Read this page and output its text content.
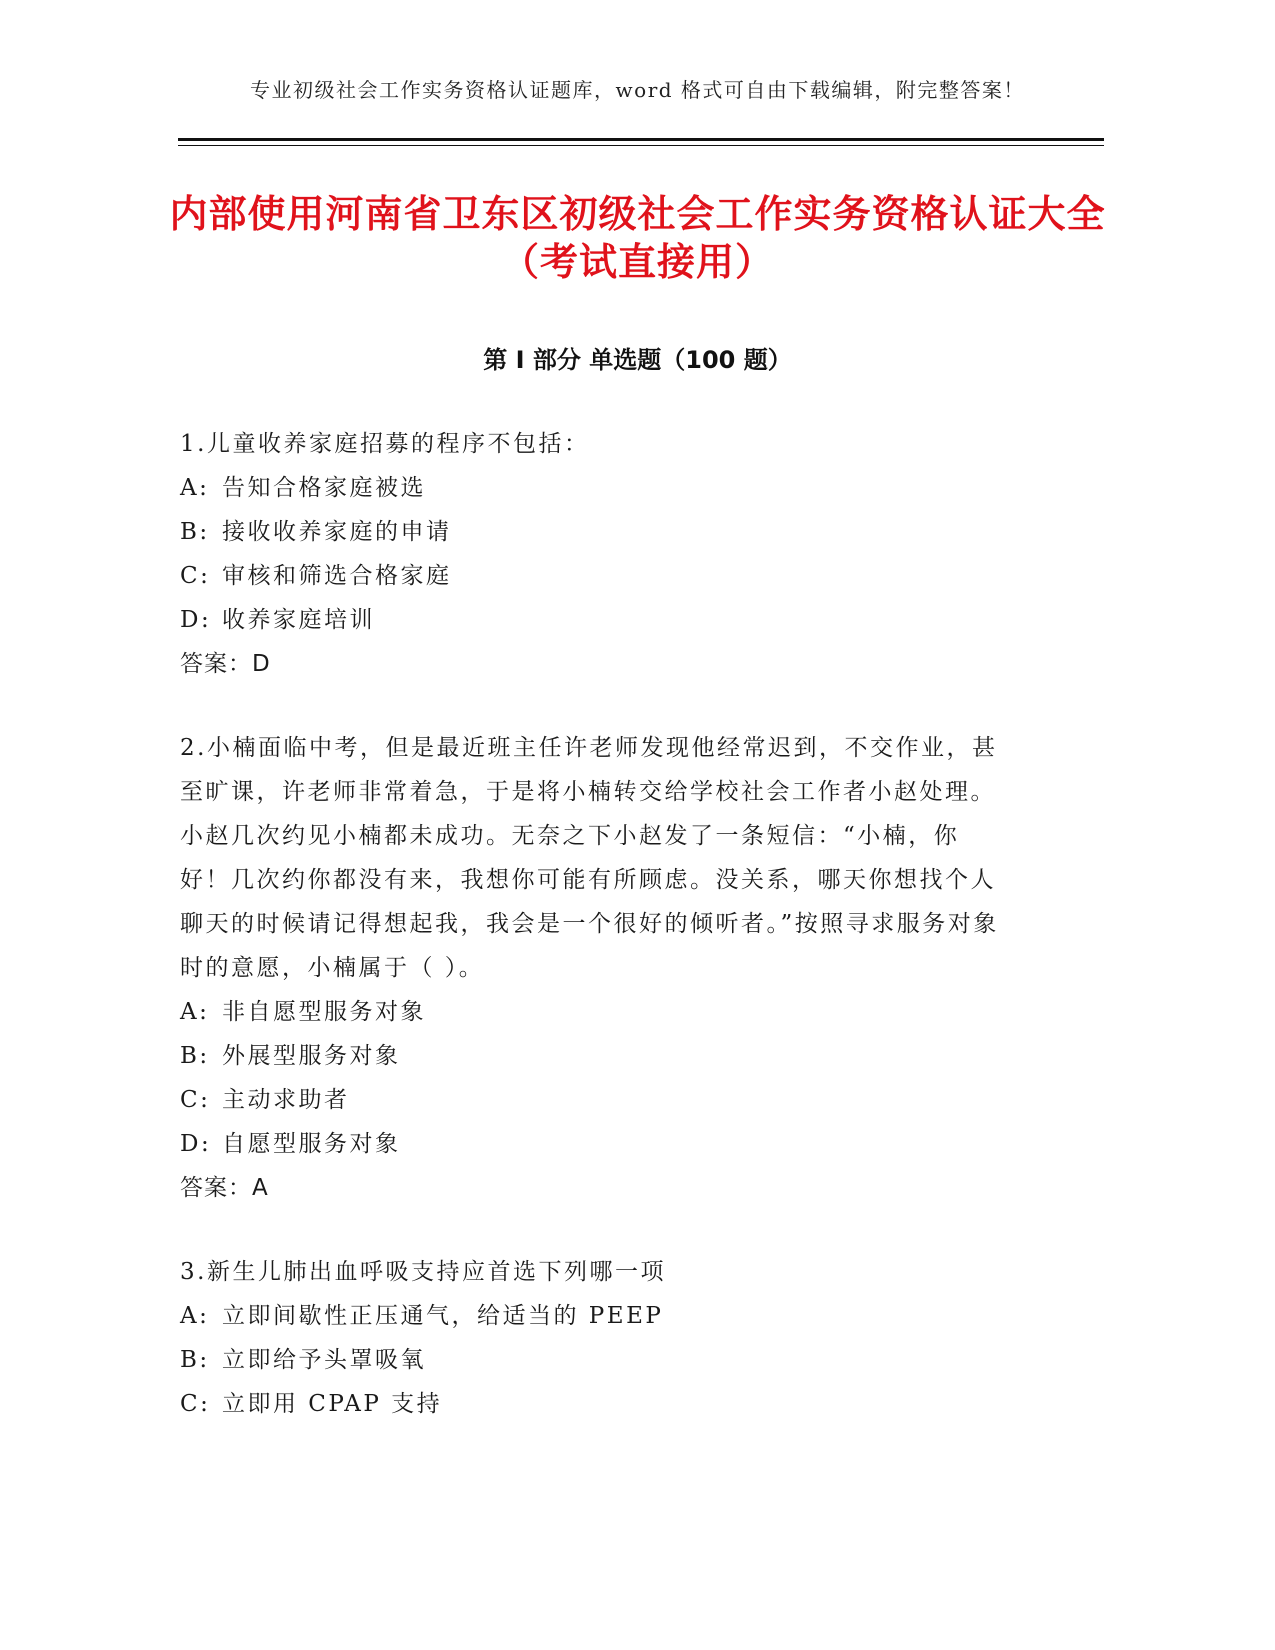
专业初级社会工作实务资格认证题库，word 格式可自由下载编辑，附完整答案！
内部使用河南省卫东区初级社会工作实务资格认证大全（考试直接用）
第 I 部分 单选题（100 题）

1.儿童收养家庭招募的程序不包括：

A: 告知合格家庭被选

B: 接收收养家庭的申请

C: 审核和筛选合格家庭

D: 收养家庭培训

答案：D

2.小楠面临中考，但是最近班主任许老师发现他经常迟到，不交作业，甚至旷课，许老师非常着急，于是将小楠转交给学校社会工作者小赵处理。小赵几次约见小楠都未成功。无奈之下小赵发了一条短信：“小楠，你好！几次约你都没有来，我想你可能有所顾虑。没关系，哪天你想找个人聊天的时候请记得想起我，我会是一个很好的倾听者。”按照寻求服务对象时的意愿，小楠属于（ ）。

A: 非自愿型服务对象

B: 外展型服务对象

C: 主动求助者

D: 自愿型服务对象

答案：A

3.新生儿肺出血呼吸支持应首选下列哪一项

A: 立即间歇性正压通气，给适当的 PEEP

B: 立即给予头罩吸氧

C: 立即用 CPAP 支持
